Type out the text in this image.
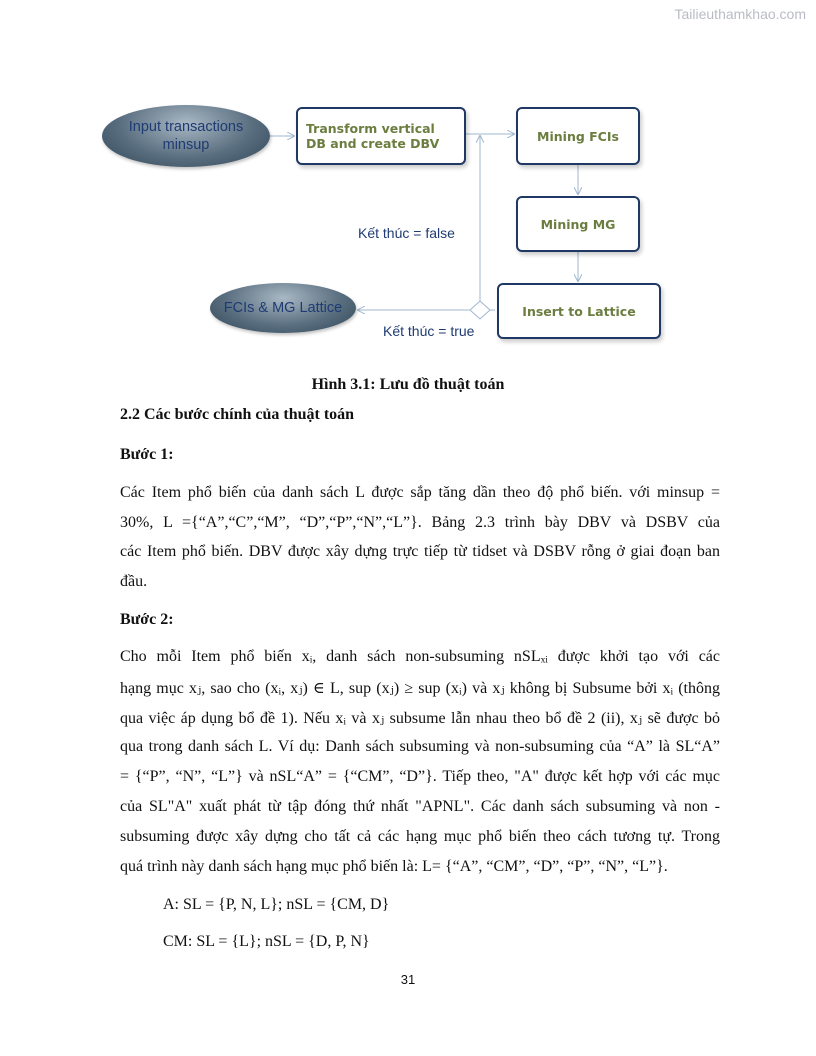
Tailieuthamkhao.com
Input transactions
minsup
Transform vertical
DB and create DBV	Mining FCIs
Mining MG
Insert to Lattice
FCIs & MG Lattice
Kết thúc = false
Kết thúc = true
Hình 3.1: Lưu đồ thuật toán
2.2 Các bước chính của thuật toán
Bước 1:
Các Item phổ biến của danh sách L được sắp tăng dần theo độ phổ biến. với minsup =
30%, L ={“A”,“C”,“M”, “D”,“P”,“N”,“L”}. Bảng 2.3 trình bày DBV và DSBV của
các Item phổ biến. DBV được xây dựng trực tiếp từ tidset và DSBV rỗng ở giai đoạn ban
đầu.
Bước 2:
Cho mỗi Item phổ biến xᵢ, danh sách non-subsuming nSLₓᵢ được khởi tạo với các
hạng mục xⱼ, sao cho (xᵢ, xⱼ) ∈ L, sup (xⱼ) ≥ sup (xᵢ) và xⱼ không bị Subsume bởi xᵢ (thông
qua việc áp dụng bổ đề 1). Nếu xᵢ và xⱼ subsume lẫn nhau theo bổ đề 2 (ii), xⱼ sẽ được bỏ
qua trong danh sách L. Ví dụ: Danh sách subsuming và non-subsuming của “A” là SL“A”
= {“P”, “N”, “L”} và nSL“A” = {“CM”, “D”}. Tiếp theo, "A" được kết hợp với các mục
của SL"A" xuất phát từ tập đóng thứ nhất "APNL". Các danh sách subsuming và non -
subsuming được xây dựng cho tất cả các hạng mục phổ biến theo cách tương tự. Trong
quá trình này danh sách hạng mục phổ biến là: L= {“A”, “CM”, “D”, “P”, “N”, “L”}.
A: SL = {P, N, L}; nSL = {CM, D}
CM: SL = {L}; nSL = {D, P, N}
31
